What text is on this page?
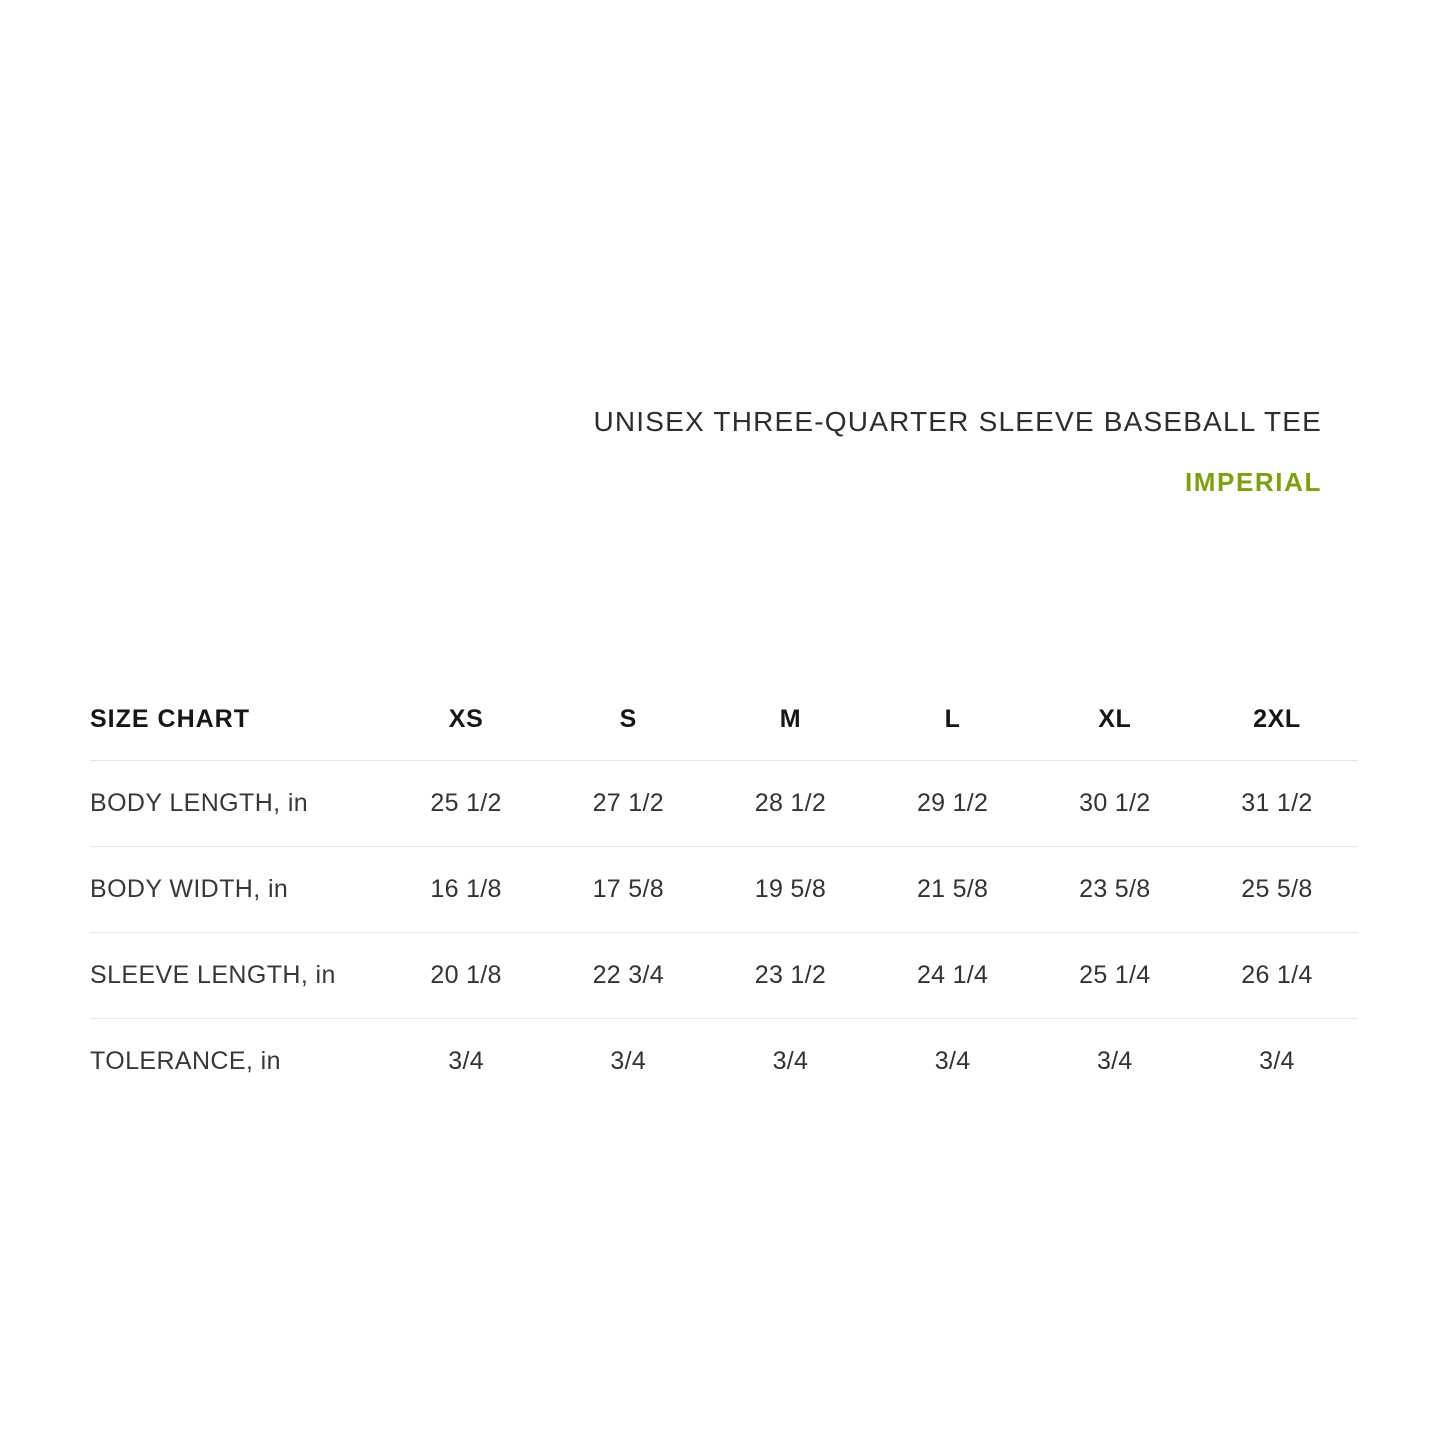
UNISEX THREE-QUARTER SLEEVE BASEBALL TEE
IMPERIAL
SIZE CHART	XS	S	M	L	XL	2XL
BODY LENGTH, in	25 1/2	27 1/2	28 1/2	29 1/2	30 1/2	31 1/2
BODY WIDTH, in	16 1/8	17 5/8	19 5/8	21 5/8	23 5/8	25 5/8
SLEEVE LENGTH, in	20 1/8	22 3/4	23 1/2	24 1/4	25 1/4	26 1/4
TOLERANCE, in	3/4	3/4	3/4	3/4	3/4	3/4
